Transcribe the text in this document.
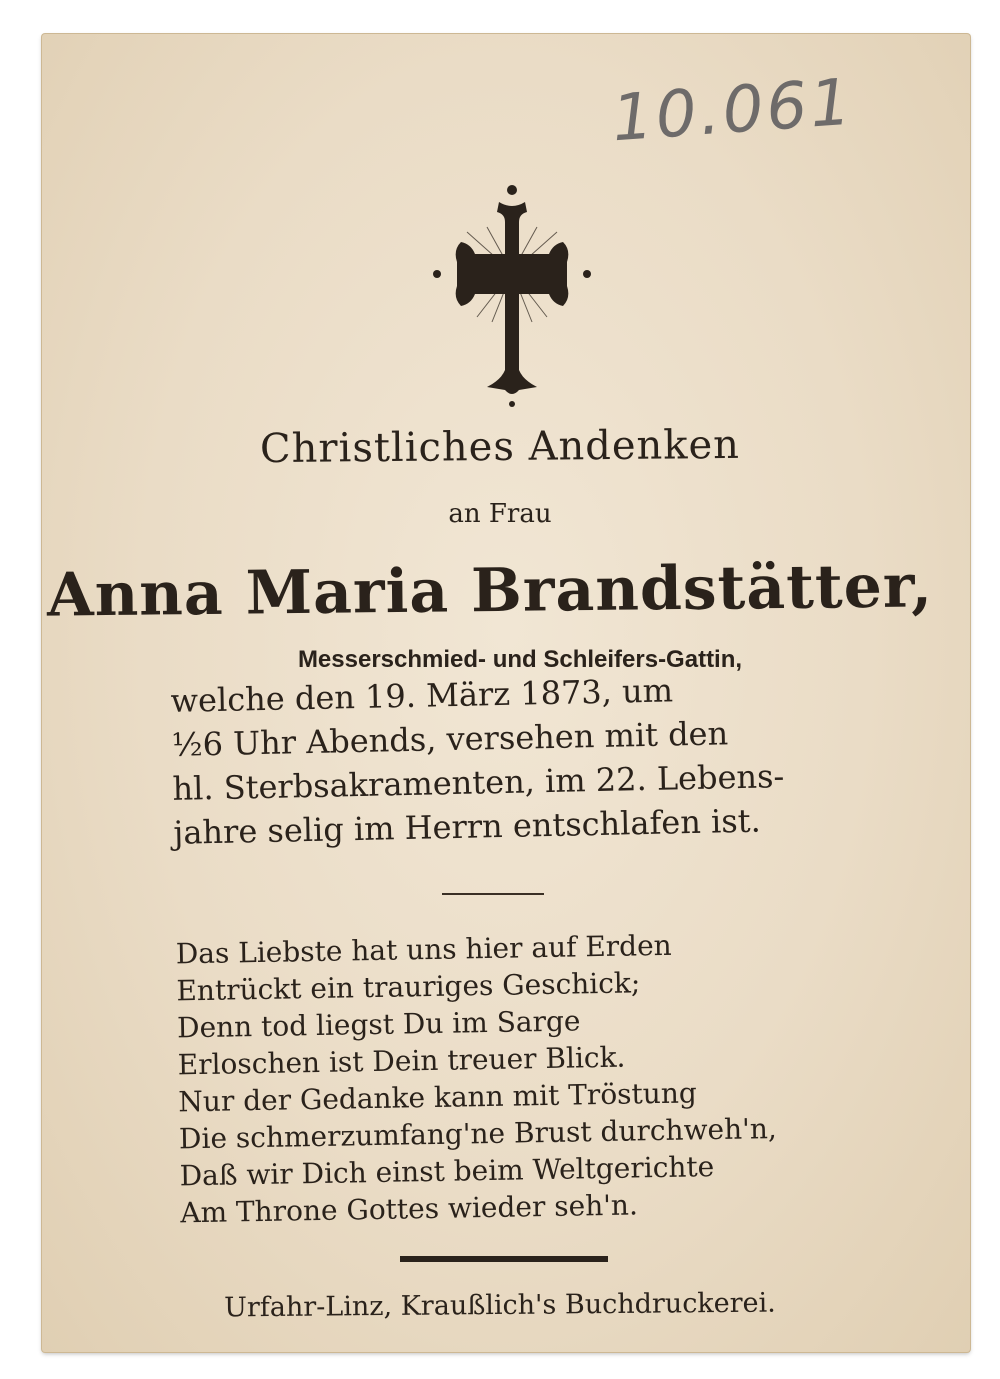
10.061
Christliches Andenken
an Frau
Anna Maria Brandstätter,
Messerschmied- und Schleifers-Gattin,
welche den 19. März 1873, um
½6 Uhr Abends, versehen mit den
hl. Sterbsakramenten, im 22. Lebens-
jahre selig im Herrn entschlafen ist.
Das Liebste hat uns hier auf Erden
Entrückt ein trauriges Geschick;
Denn tod liegst Du im Sarge
Erloschen ist Dein treuer Blick.
Nur der Gedanke kann mit Tröstung
Die schmerzumfang'ne Brust durchweh'n,
Daß wir Dich einst beim Weltgerichte
Am Throne Gottes wieder seh'n.
Urfahr-Linz, Kraußlich's Buchdruckerei.
